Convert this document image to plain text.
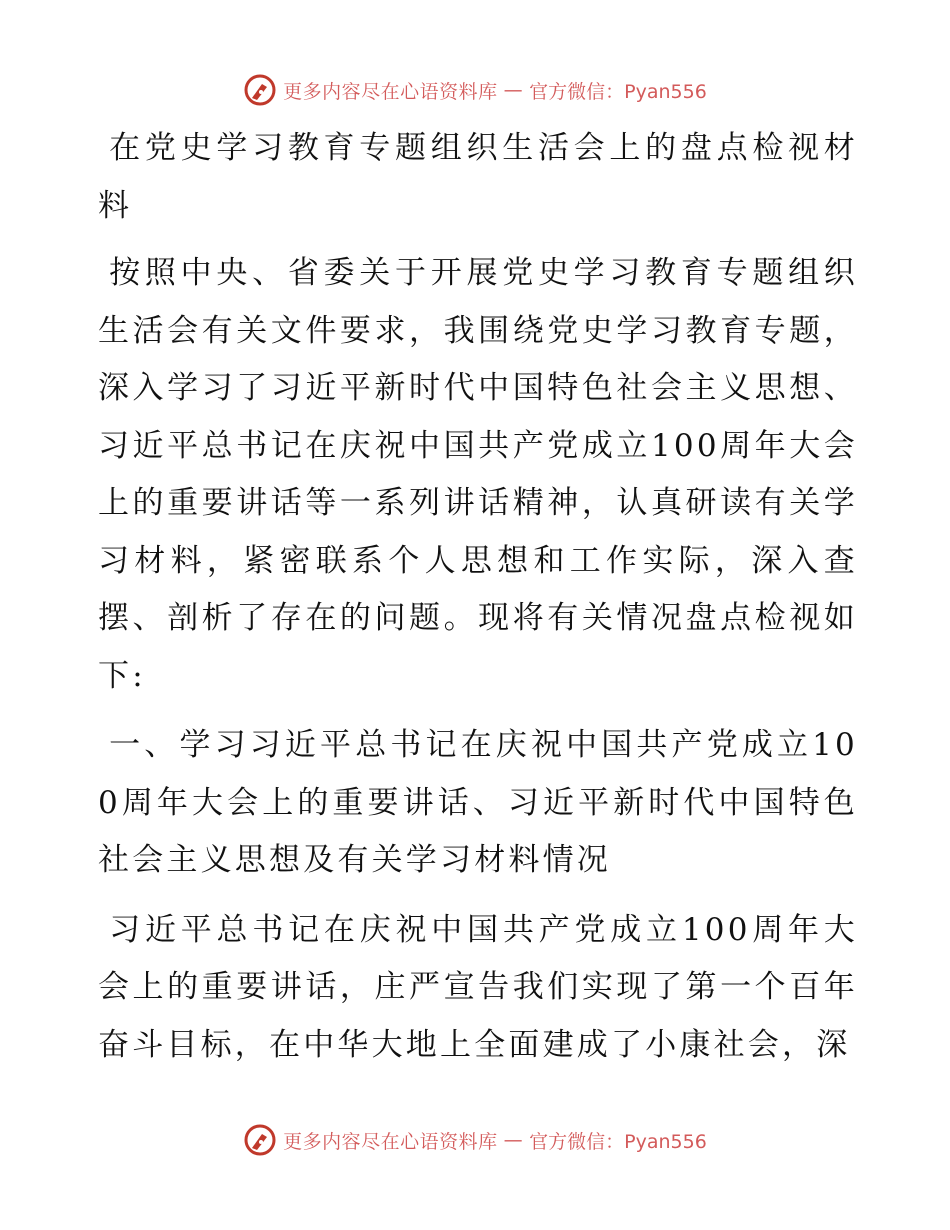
更多内容尽在心语资料库 — 官方微信：Pyan556

在党史学习教育专题组织生活会上的盘点检视材料

按照中央、省委关于开展党史学习教育专题组织生活会有关文件要求，我围绕党史学习教育专题，深入学习了习近平新时代中国特色社会主义思想、习近平总书记在庆祝中国共产党成立100周年大会上的重要讲话等一系列讲话精神，认真研读有关学习材料，紧密联系个人思想和工作实际，深入查摆、剖析了存在的问题。现将有关情况盘点检视如下:

一、学习习近平总书记在庆祝中国共产党成立100周年大会上的重要讲话、习近平新时代中国特色社会主义思想及有关学习材料情况

习近平总书记在庆祝中国共产党成立100周年大会上的重要讲话，庄严宣告我们实现了第一个百年奋斗目标，在中华大地上全面建成了小康社会，深

更多内容尽在心语资料库 — 官方微信：Pyan556
